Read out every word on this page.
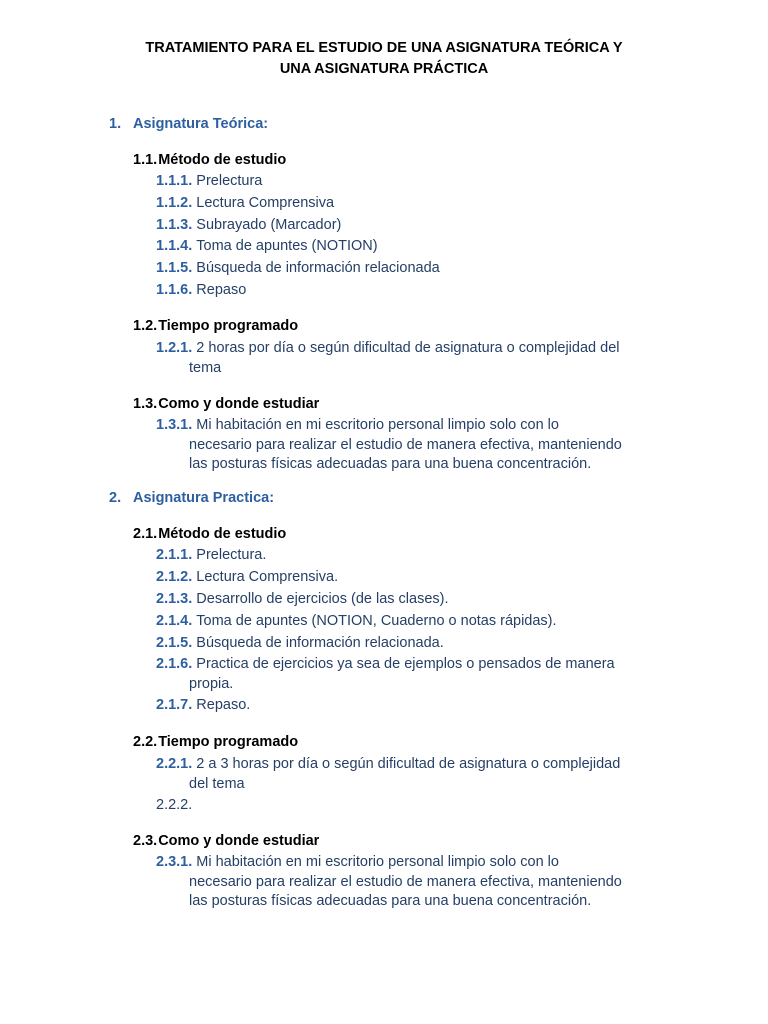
TRATAMIENTO PARA EL ESTUDIO DE UNA ASIGNATURA TEÓRICA Y
UNA ASIGNATURA PRÁCTICA
1. Asignatura Teórica:
1.1.Método de estudio
1.1.1. Prelectura
1.1.2. Lectura Comprensiva
1.1.3. Subrayado (Marcador)
1.1.4. Toma de apuntes (NOTION)
1.1.5. Búsqueda de información relacionada
1.1.6. Repaso
1.2.Tiempo programado
1.2.1. 2 horas por día o según dificultad de asignatura o complejidad del
tema
1.3.Como y donde estudiar
1.3.1. Mi habitación en mi escritorio personal limpio solo con lo
necesario para realizar el estudio de manera efectiva, manteniendo
las posturas físicas adecuadas para una buena concentración.
2. Asignatura Practica:
2.1.Método de estudio
2.1.1. Prelectura.
2.1.2. Lectura Comprensiva.
2.1.3. Desarrollo de ejercicios (de las clases).
2.1.4. Toma de apuntes (NOTION, Cuaderno o notas rápidas).
2.1.5. Búsqueda de información relacionada.
2.1.6. Practica de ejercicios ya sea de ejemplos o pensados de manera
propia.
2.1.7. Repaso.
2.2.Tiempo programado
2.2.1. 2 a 3 horas por día o según dificultad de asignatura o complejidad
del tema
2.2.2.
2.3.Como y donde estudiar
2.3.1. Mi habitación en mi escritorio personal limpio solo con lo
necesario para realizar el estudio de manera efectiva, manteniendo
las posturas físicas adecuadas para una buena concentración.
